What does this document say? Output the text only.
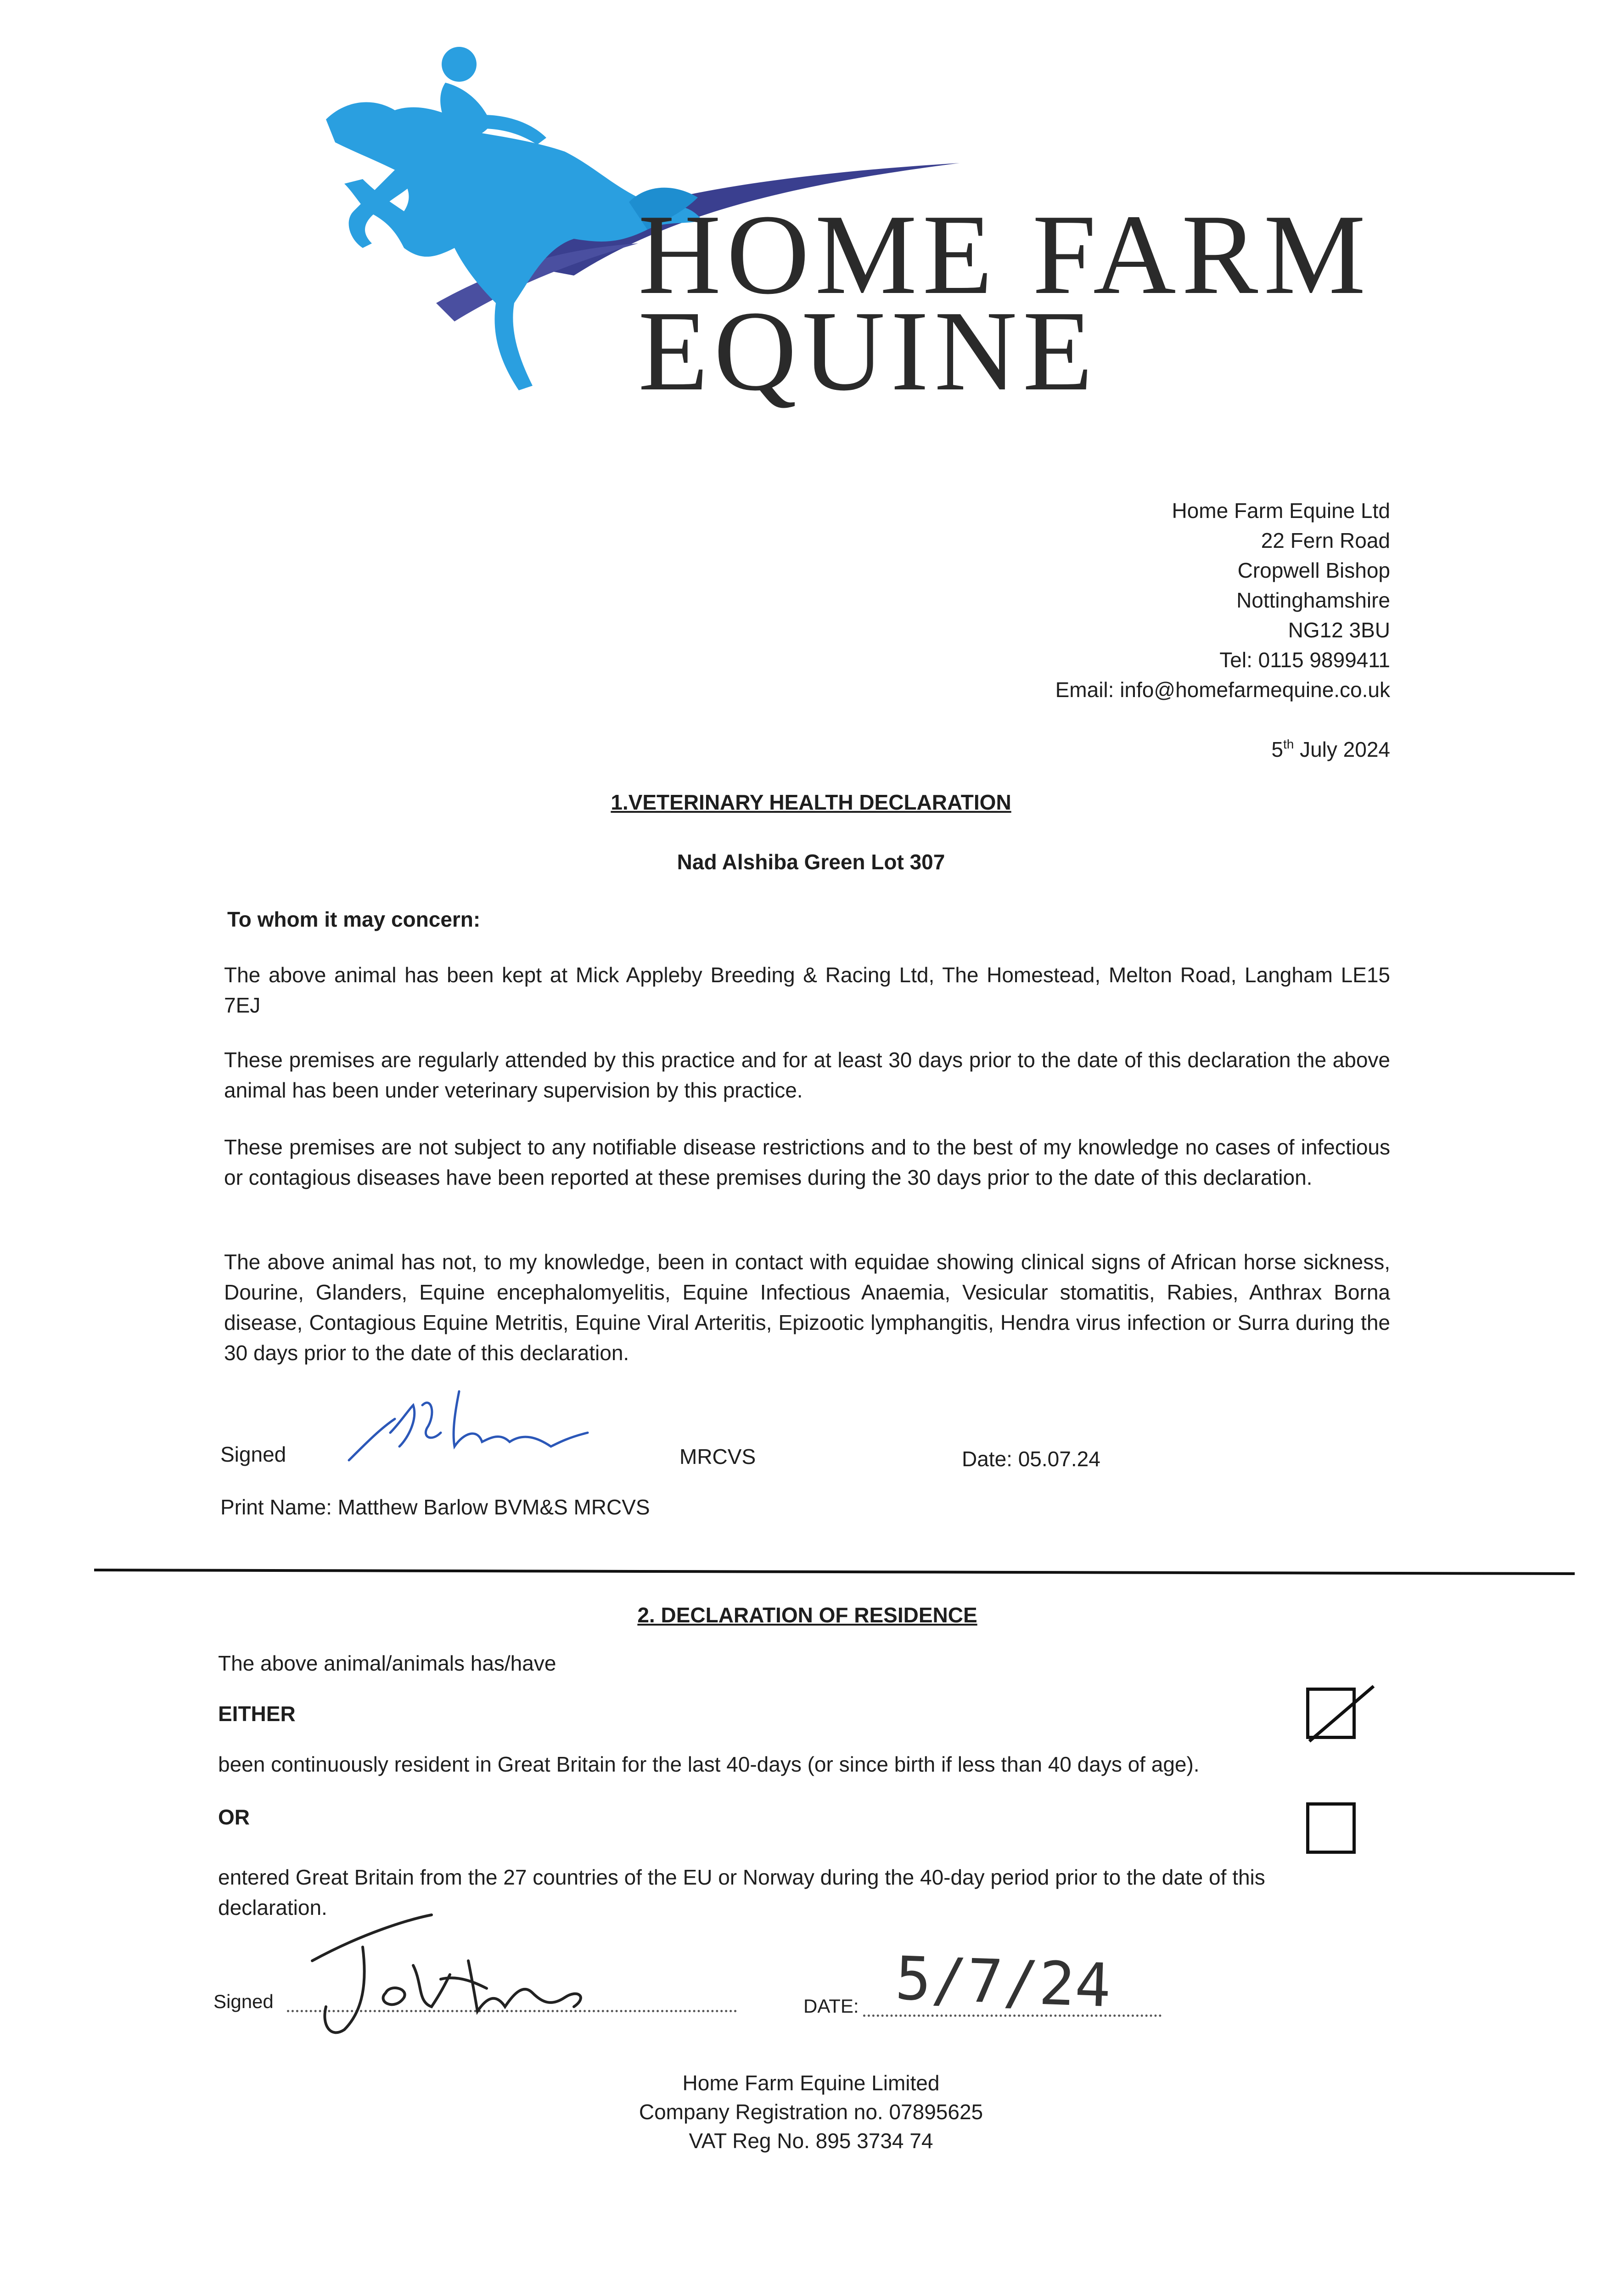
HOME FARM
EQUINE
Home Farm Equine Ltd
22 Fern Road
Cropwell Bishop
Nottinghamshire
NG12 3BU
Tel: 0115 9899411
Email: info@homefarmequine.co.uk
5th July 2024
1.VETERINARY HEALTH DECLARATION
Nad Alshiba Green Lot 307
To whom it may concern:
The above animal has been kept at Mick Appleby Breeding & Racing Ltd, The Homestead, Melton Road, Langham LE15 7EJ
These premises are regularly attended by this practice and for at least 30 days prior to the date of this declaration the above animal has been under veterinary supervision by this practice.
These premises are not subject to any notifiable disease restrictions and to the best of my knowledge no cases of infectious or contagious diseases have been reported at these premises during the 30 days prior to the date of this declaration.
The above animal has not, to my knowledge, been in contact with equidae showing clinical signs of African horse sickness, Dourine, Glanders, Equine encephalomyelitis, Equine Infectious Anaemia, Vesicular stomatitis, Rabies, Anthrax Borna disease, Contagious Equine Metritis, Equine Viral Arteritis, Epizootic lymphangitis, Hendra virus infection or Surra during the 30 days prior to the date of this declaration.
Signed	MRCVS	Date: 05.07.24
Print Name: Matthew Barlow BVM&S MRCVS
2. DECLARATION OF RESIDENCE
The above animal/animals has/have
EITHER
been continuously resident in Great Britain for the last 40-days (or since birth if less than 40 days of age).
OR
entered Great Britain from the 27 countries of the EU or Norway during the 40-day period prior to the date of this declaration.
Signed	DATE: 5/7/24
Home Farm Equine Limited
Company Registration no. 07895625
VAT Reg No. 895 3734 74
